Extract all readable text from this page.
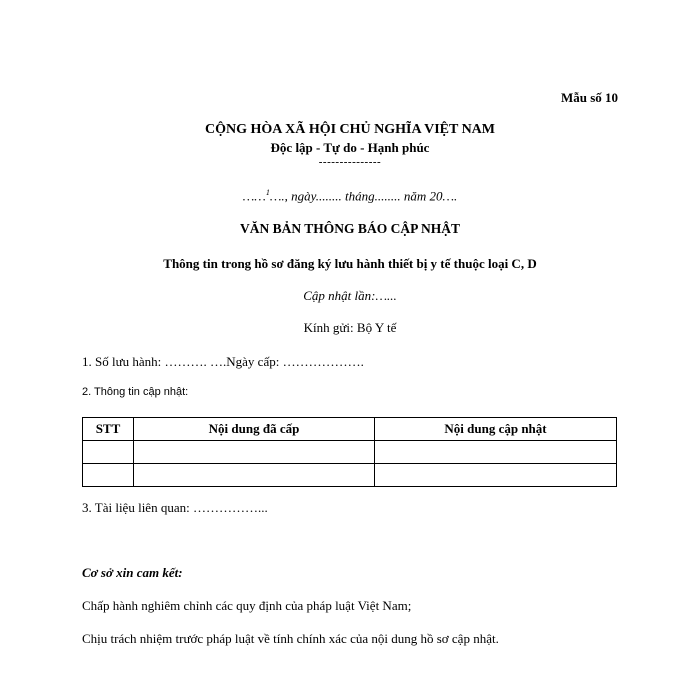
Mẫu số 10
CỘNG HÒA XÃ HỘI CHỦ NGHĨA VIỆT NAM
Độc lập - Tự do - Hạnh phúc
---------------
……$^1$…., ngày........ tháng........ năm 20….
VĂN BẢN THÔNG BÁO CẬP NHẬT
Thông tin trong hồ sơ đăng ký lưu hành thiết bị y tế thuộc loại C, D
Cập nhật lần:…...
Kính gửi: Bộ Y tế
1. Số lưu hành: ………. ….Ngày cấp: ……………….
2. Thông tin cập nhật:
STT	Nội dung đã cấp	Nội dung cập nhật

3. Tài liệu liên quan: ……………...
Cơ sở xin cam kết:
Chấp hành nghiêm chỉnh các quy định của pháp luật Việt Nam;
Chịu trách nhiệm trước pháp luật về tính chính xác của nội dung hồ sơ cập nhật.
